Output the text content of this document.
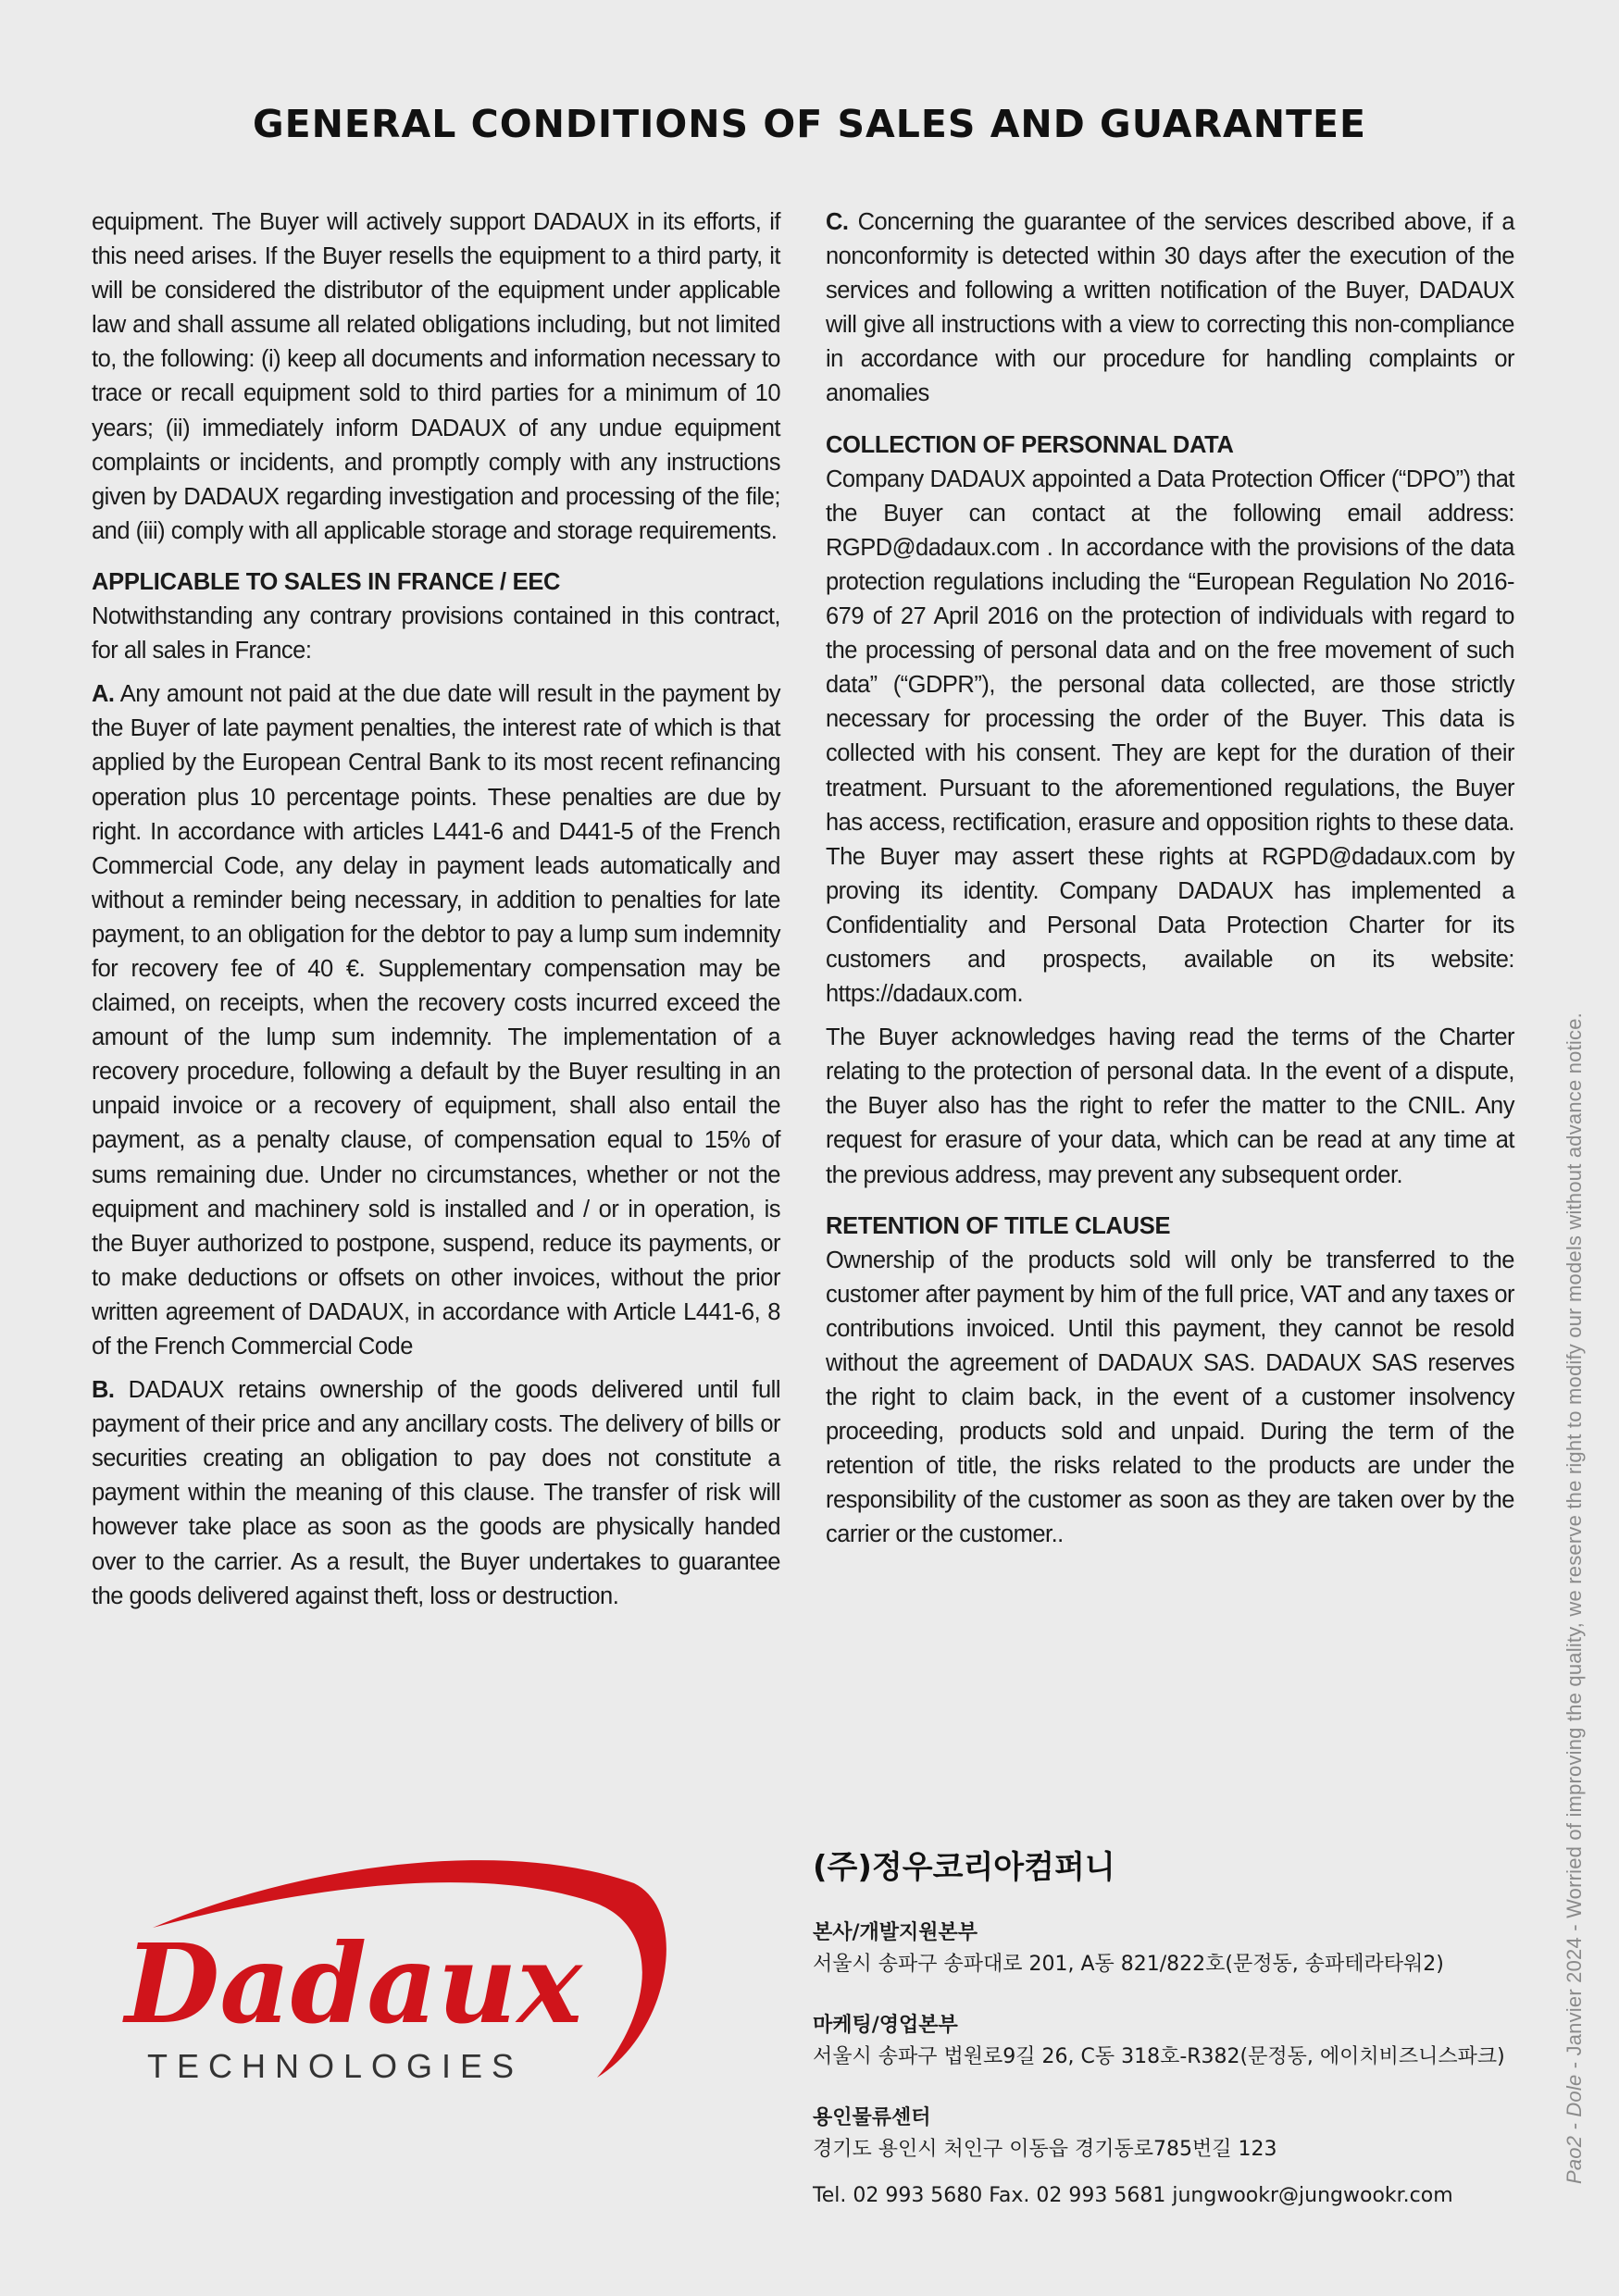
GENERAL CONDITIONS OF SALES AND GUARANTEE

equipment. The Buyer will actively support DADAUX in its efforts, if this need arises. If the Buyer resells the equipment to a third party, it will be considered the distributor of the equipment under applicable law and shall assume all related obligations including, but not limited to, the following: (i) keep all documents and information necessary to trace or recall equipment sold to third parties for a minimum of 10 years; (ii) immediately inform DADAUX of any undue equipment complaints or incidents, and promptly comply with any instructions given by DADAUX regarding investigation and processing of the file; and (iii) comply with all applicable storage and storage requirements.

APPLICABLE TO SALES IN FRANCE / EEC

Notwithstanding any contrary provisions contained in this contract, for all sales in France:

A. Any amount not paid at the due date will result in the payment by the Buyer of late payment penalties, the interest rate of which is that applied by the European Central Bank to its most recent refinancing operation plus 10 percentage points. These penalties are due by right. In accordance with articles L441-6 and D441-5 of the French Commercial Code, any delay in payment leads automatically and without a reminder being necessary, in addition to penalties for late payment, to an obligation for the debtor to pay a lump sum indemnity for recovery fee of 40 €. Supplementary compensation may be claimed, on receipts, when the recovery costs incurred exceed the amount of the lump sum indemnity. The implementation of a recovery procedure, following a default by the Buyer resulting in an unpaid invoice or a recovery of equipment, shall also entail the payment, as a penalty clause, of compensation equal to 15% of sums remaining due. Under no circumstances, whether or not the equipment and machinery sold is installed and / or in operation, is the Buyer authorized to postpone, suspend, reduce its payments, or to make deductions or offsets on other invoices, without the prior written agreement of DADAUX, in accordance with Article L441-6, 8 of the French Commercial Code

B. DADAUX retains ownership of the goods delivered until full payment of their price and any ancillary costs. The delivery of bills or securities creating an obligation to pay does not constitute a payment within the meaning of this clause. The transfer of risk will however take place as soon as the goods are physically handed over to the carrier. As a result, the Buyer undertakes to guarantee the goods delivered against theft, loss or destruction.

C. Concerning the guarantee of the services described above, if a nonconformity is detected within 30 days after the execution of the services and following a written notification of the Buyer, DADAUX will give all instructions with a view to correcting this non-compliance in accordance with our procedure for handling complaints or anomalies

COLLECTION OF PERSONNAL DATA

Company DADAUX appointed a Data Protection Officer (“DPO”) that the Buyer can contact at the following email address: RGPD@dadaux.com . In accordance with the provisions of the data protection regulations including the “European Regulation No 2016-679 of 27 April 2016 on the protection of individuals with regard to the processing of personal data and on the free movement of such data” (“GDPR”), the personal data collected, are those strictly necessary for processing the order of the Buyer. This data is collected with his consent. They are kept for the duration of their treatment. Pursuant to the aforementioned regulations, the Buyer has access, rectification, erasure and opposition rights to these data. The Buyer may assert these rights at RGPD@dadaux.com by proving its identity. Company DADAUX has implemented a Confidentiality and Personal Data Protection Charter for its customers and prospects, available on its website: https://dadaux.com.

The Buyer acknowledges having read the terms of the Charter relating to the protection of personal data. In the event of a dispute, the Buyer also has the right to refer the matter to the CNIL. Any request for erasure of your data, which can be read at any time at the previous address, may prevent any subsequent order.

RETENTION OF TITLE CLAUSE

Ownership of the products sold will only be transferred to the customer after payment by him of the full price, VAT and any taxes or contributions invoiced. Until this payment, they cannot be resold without the agreement of DADAUX SAS. DADAUX SAS reserves the right to claim back, in the event of a customer insolvency proceeding, products sold and unpaid. During the term of the retention of title, the risks related to the products are under the responsibility of the customer as soon as they are taken over by the carrier or the customer..

Pao2 - Dole - Janvier 2024 - Worried of improving the quality, we reserve the right to modify our models without advance notice.
Dadaux
TECHNOLOGIES
(주)정우코리아컴퍼니
본사/개발지원본부
서울시 송파구 송파대로 201, A동 821/822호(문정동, 송파테라타워2)
마케팅/영업본부
서울시 송파구 법원로9길 26, C동 318호-R382(문정동, 에이치비즈니스파크)
용인물류센터
경기도 용인시 처인구 이동읍 경기동로785번길 123
Tel. 02 993 5680 Fax. 02 993 5681 jungwookr@jungwookr.com
